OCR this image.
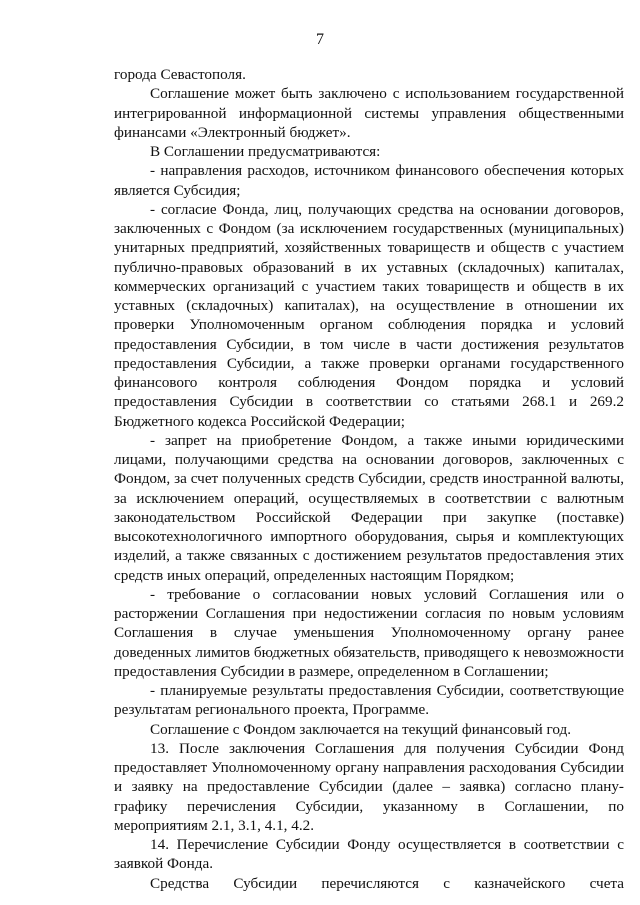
7

города Севастополя.

Соглашение может быть заключено с использованием государственной интегрированной информационной системы управления общественными финансами «Электронный бюджет».

В Соглашении предусматриваются:

- направления расходов, источником финансового обеспечения которых является Субсидия;

- согласие Фонда, лиц, получающих средства на основании договоров, заключенных с Фондом (за исключением государственных (муниципальных) унитарных предприятий, хозяйственных товариществ и обществ с участием публично-правовых образований в их уставных (складочных) капиталах, коммерческих организаций с участием таких товариществ и обществ в их уставных (складочных) капиталах), на осуществление в отношении их проверки Уполномоченным органом соблюдения порядка и условий предоставления Субсидии, в том числе в части достижения результатов предоставления Субсидии, а также проверки органами государственного финансового контроля соблюдения Фондом порядка и условий предоставления Субсидии в соответствии со статьями 268.1 и 269.2 Бюджетного кодекса Российской Федерации;

- запрет на приобретение Фондом, а также иными юридическими лицами, получающими средства на основании договоров, заключенных с Фондом, за счет полученных средств Субсидии, средств иностранной валюты, за исключением операций, осуществляемых в соответствии с валютным законодательством Российской Федерации при закупке (поставке) высокотехнологичного импортного оборудования, сырья и комплектующих изделий, а также связанных с достижением результатов предоставления этих средств иных операций, определенных настоящим Порядком;

- требование о согласовании новых условий Соглашения или о расторжении Соглашения при недостижении согласия по новым условиям Соглашения в случае уменьшения Уполномоченному органу ранее доведенных лимитов бюджетных обязательств, приводящего к невозможности предоставления Субсидии в размере, определенном в Соглашении;

- планируемые результаты предоставления Субсидии, соответствующие результатам регионального проекта, Программе.

Соглашение с Фондом заключается на текущий финансовый год.

13. После заключения Соглашения для получения Субсидии Фонд предоставляет Уполномоченному органу направления расходования Субсидии и заявку на предоставление Субсидии (далее – заявка) согласно плану-графику перечисления Субсидии, указанному в Соглашении, по мероприятиям 2.1, 3.1, 4.1, 4.2.

14. Перечисление Субсидии Фонду осуществляется в соответствии с заявкой Фонда.

Средства Субсидии перечисляются с казначейского счета
